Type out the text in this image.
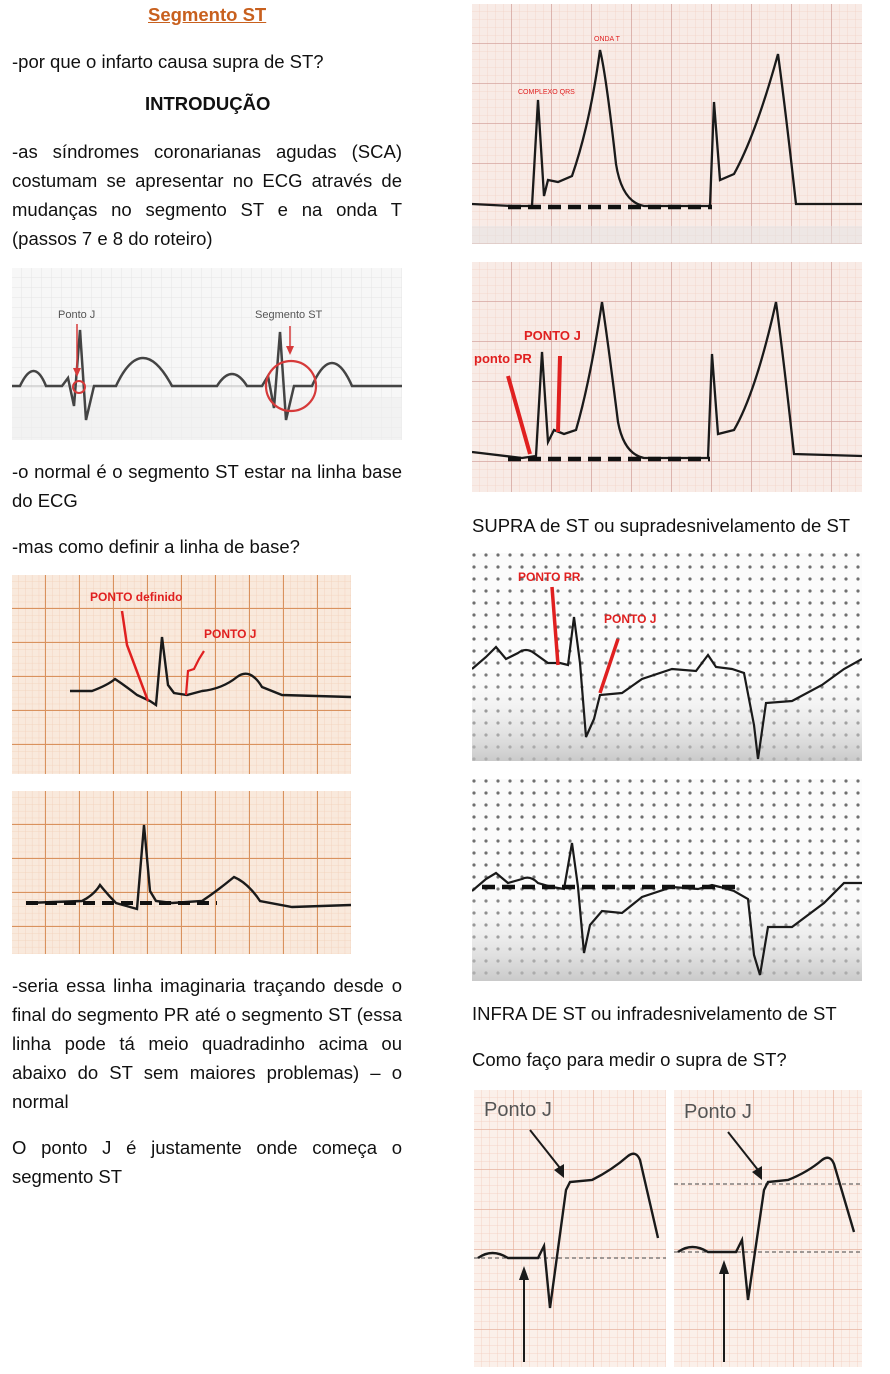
Segmento ST

-por que o infarto causa supra de ST?

INTRODUÇÃO

-as síndromes coronarianas agudas (SCA) costumam se apresentar no ECG através de mudanças no segmento ST e na onda T (passos 7 e 8 do roteiro)

Ponto J	Segmento ST

-o normal é o segmento ST estar na linha base do ECG

-mas como definir a linha de base?

PONTO definido
PONTO J

-seria essa linha imaginaria traçando desde o final do segmento PR até o segmento ST (essa linha pode tá meio quadradinho acima ou abaixo do ST sem maiores problemas) – o normal

O ponto J é justamente onde começa o segmento ST

ONDA T
COMPLEXO QRS
PONTO J
ponto PR

SUPRA de ST ou supradesnivelamento de ST

PONTO PR
PONTO J

INFRA DE ST ou infradesnivelamento de ST

Como faço para medir o supra de ST?

Ponto J	Ponto J
